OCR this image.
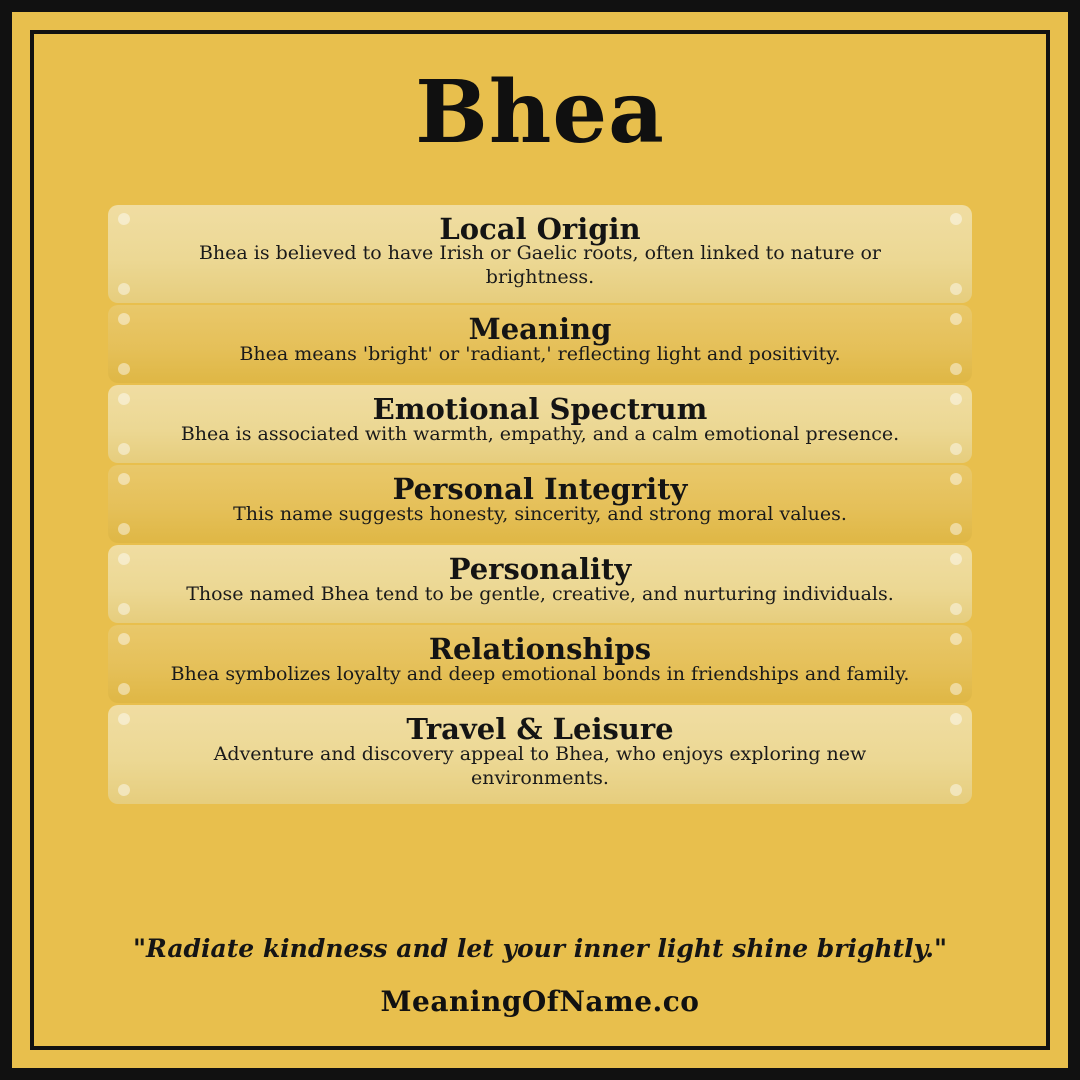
Bhea
Local Origin
Bhea is believed to have Irish or Gaelic roots, often linked to nature or brightness.
Meaning
Bhea means 'bright' or 'radiant,' reflecting light and positivity.
Emotional Spectrum
Bhea is associated with warmth, empathy, and a calm emotional presence.
Personal Integrity
This name suggests honesty, sincerity, and strong moral values.
Personality
Those named Bhea tend to be gentle, creative, and nurturing individuals.
Relationships
Bhea symbolizes loyalty and deep emotional bonds in friendships and family.
Travel & Leisure
Adventure and discovery appeal to Bhea, who enjoys exploring new environments.
"Radiate kindness and let your inner light shine brightly."
MeaningOfName.co
